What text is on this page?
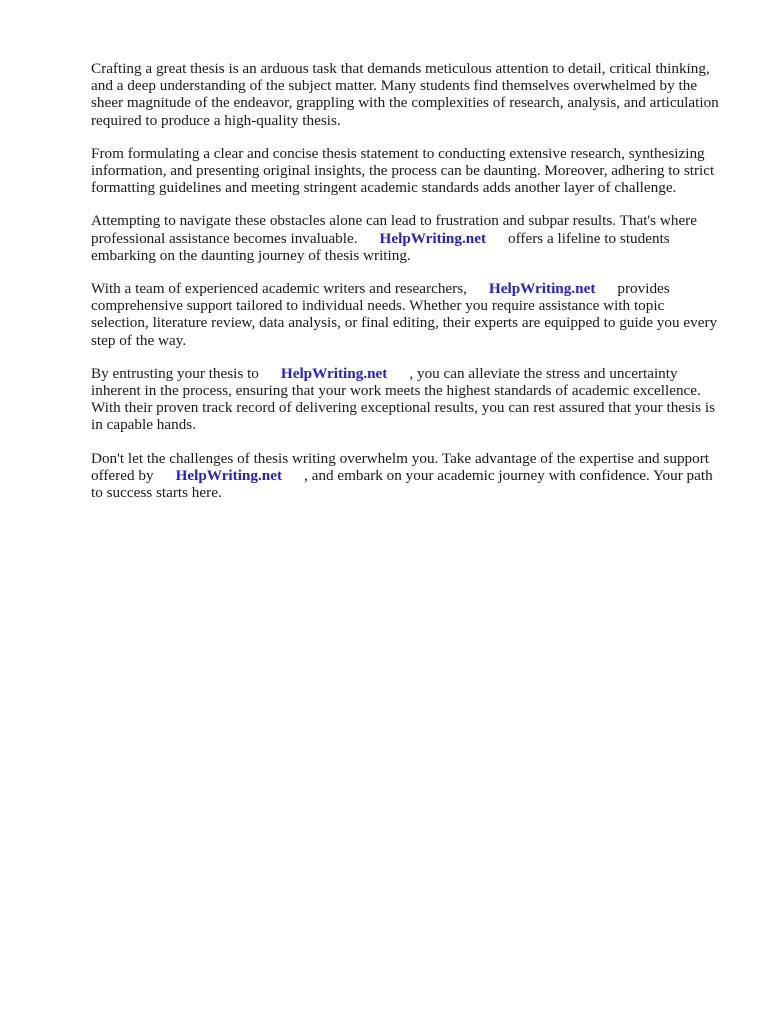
Crafting a great thesis is an arduous task that demands meticulous attention to detail, critical thinking, and a deep understanding of the subject matter. Many students find themselves overwhelmed by the sheer magnitude of the endeavor, grappling with the complexities of research, analysis, and articulation required to produce a high-quality thesis.

From formulating a clear and concise thesis statement to conducting extensive research, synthesizing information, and presenting original insights, the process can be daunting. Moreover, adhering to strict formatting guidelines and meeting stringent academic standards adds another layer of challenge.

Attempting to navigate these obstacles alone can lead to frustration and subpar results. That's where professional assistance becomes invaluable. HelpWriting.net offers a lifeline to students embarking on the daunting journey of thesis writing.

With a team of experienced academic writers and researchers, HelpWriting.net provides comprehensive support tailored to individual needs. Whether you require assistance with topic selection, literature review, data analysis, or final editing, their experts are equipped to guide you every step of the way.

By entrusting your thesis to HelpWriting.net , you can alleviate the stress and uncertainty inherent in the process, ensuring that your work meets the highest standards of academic excellence. With their proven track record of delivering exceptional results, you can rest assured that your thesis is in capable hands.

Don't let the challenges of thesis writing overwhelm you. Take advantage of the expertise and support offered by HelpWriting.net , and embark on your academic journey with confidence. Your path to success starts here.
